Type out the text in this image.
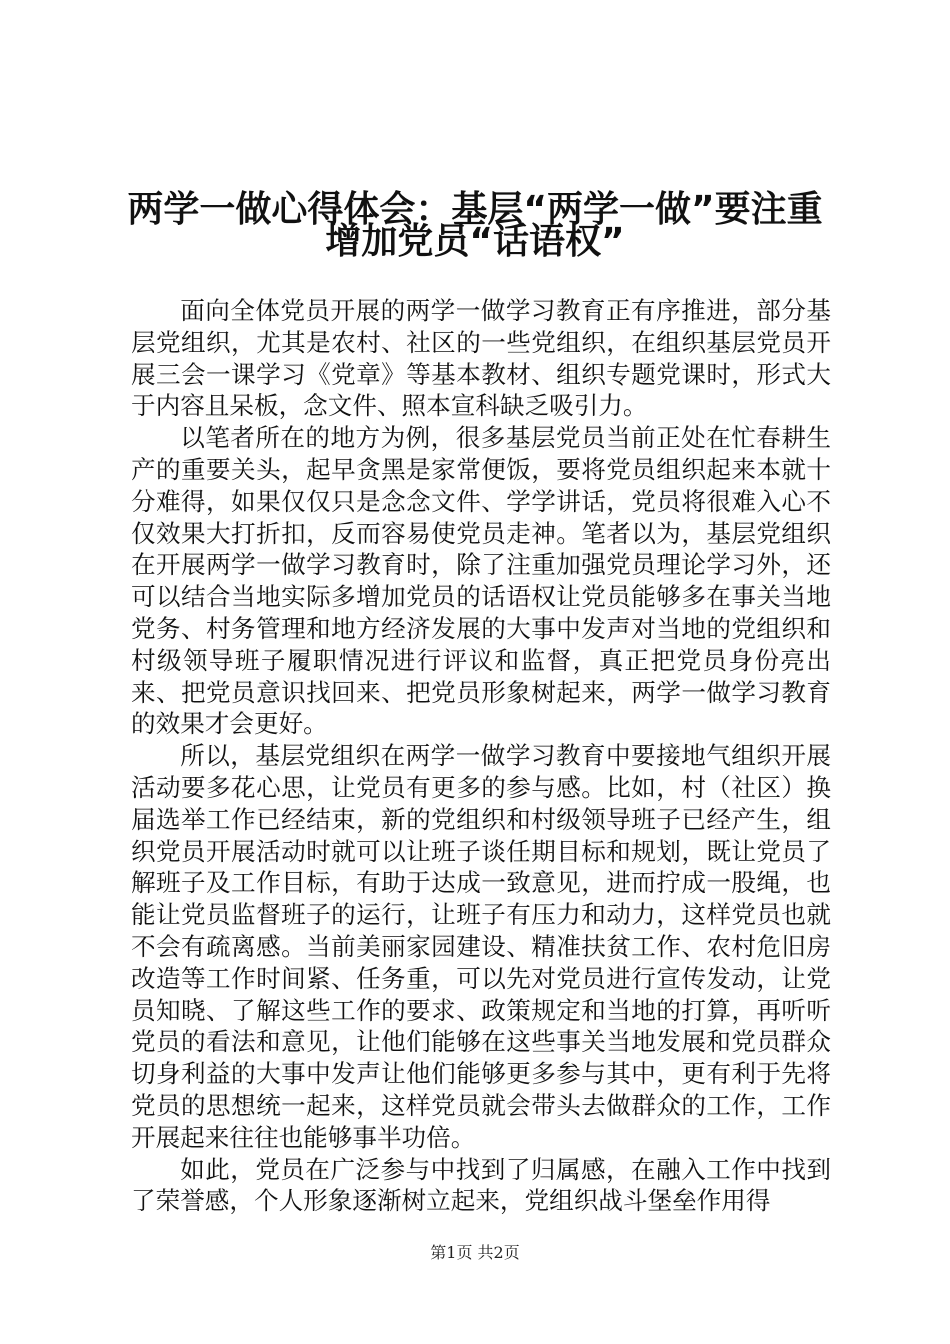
两学一做心得体会：基层“两学一做”要注重
增加党员“话语权”

面向全体党员开展的两学一做学习教育正有序推进，部分基层党组织，尤其是农村、社区的一些党组织，在组织基层党员开展三会一课学习《党章》等基本教材、组织专题党课时，形式大于内容且呆板，念文件、照本宣科缺乏吸引力。

以笔者所在的地方为例，很多基层党员当前正处在忙春耕生产的重要关头，起早贪黑是家常便饭，要将党员组织起来本就十分难得，如果仅仅只是念念文件、学学讲话，党员将很难入心不仅效果大打折扣，反而容易使党员走神。笔者以为，基层党组织在开展两学一做学习教育时，除了注重加强党员理论学习外，还可以结合当地实际多增加党员的话语权让党员能够多在事关当地党务、村务管理和地方经济发展的大事中发声对当地的党组织和村级领导班子履职情况进行评议和监督，真正把党员身份亮出来、把党员意识找回来、把党员形象树起来，两学一做学习教育的效果才会更好。

所以，基层党组织在两学一做学习教育中要接地气组织开展活动要多花心思，让党员有更多的参与感。比如，村（社区）换届选举工作已经结束，新的党组织和村级领导班子已经产生，组织党员开展活动时就可以让班子谈任期目标和规划，既让党员了解班子及工作目标，有助于达成一致意见，进而拧成一股绳，也能让党员监督班子的运行，让班子有压力和动力，这样党员也就不会有疏离感。当前美丽家园建设、精准扶贫工作、农村危旧房改造等工作时间紧、任务重，可以先对党员进行宣传发动，让党员知晓、了解这些工作的要求、政策规定和当地的打算，再听听党员的看法和意见，让他们能够在这些事关当地发展和党员群众切身利益的大事中发声让他们能够更多参与其中，更有利于先将党员的思想统一起来，这样党员就会带头去做群众的工作，工作开展起来往往也能够事半功倍。

如此，党员在广泛参与中找到了归属感，在融入工作中找到了荣誉感，个人形象逐渐树立起来，党组织战斗堡垒作用得

第1页 共2页
